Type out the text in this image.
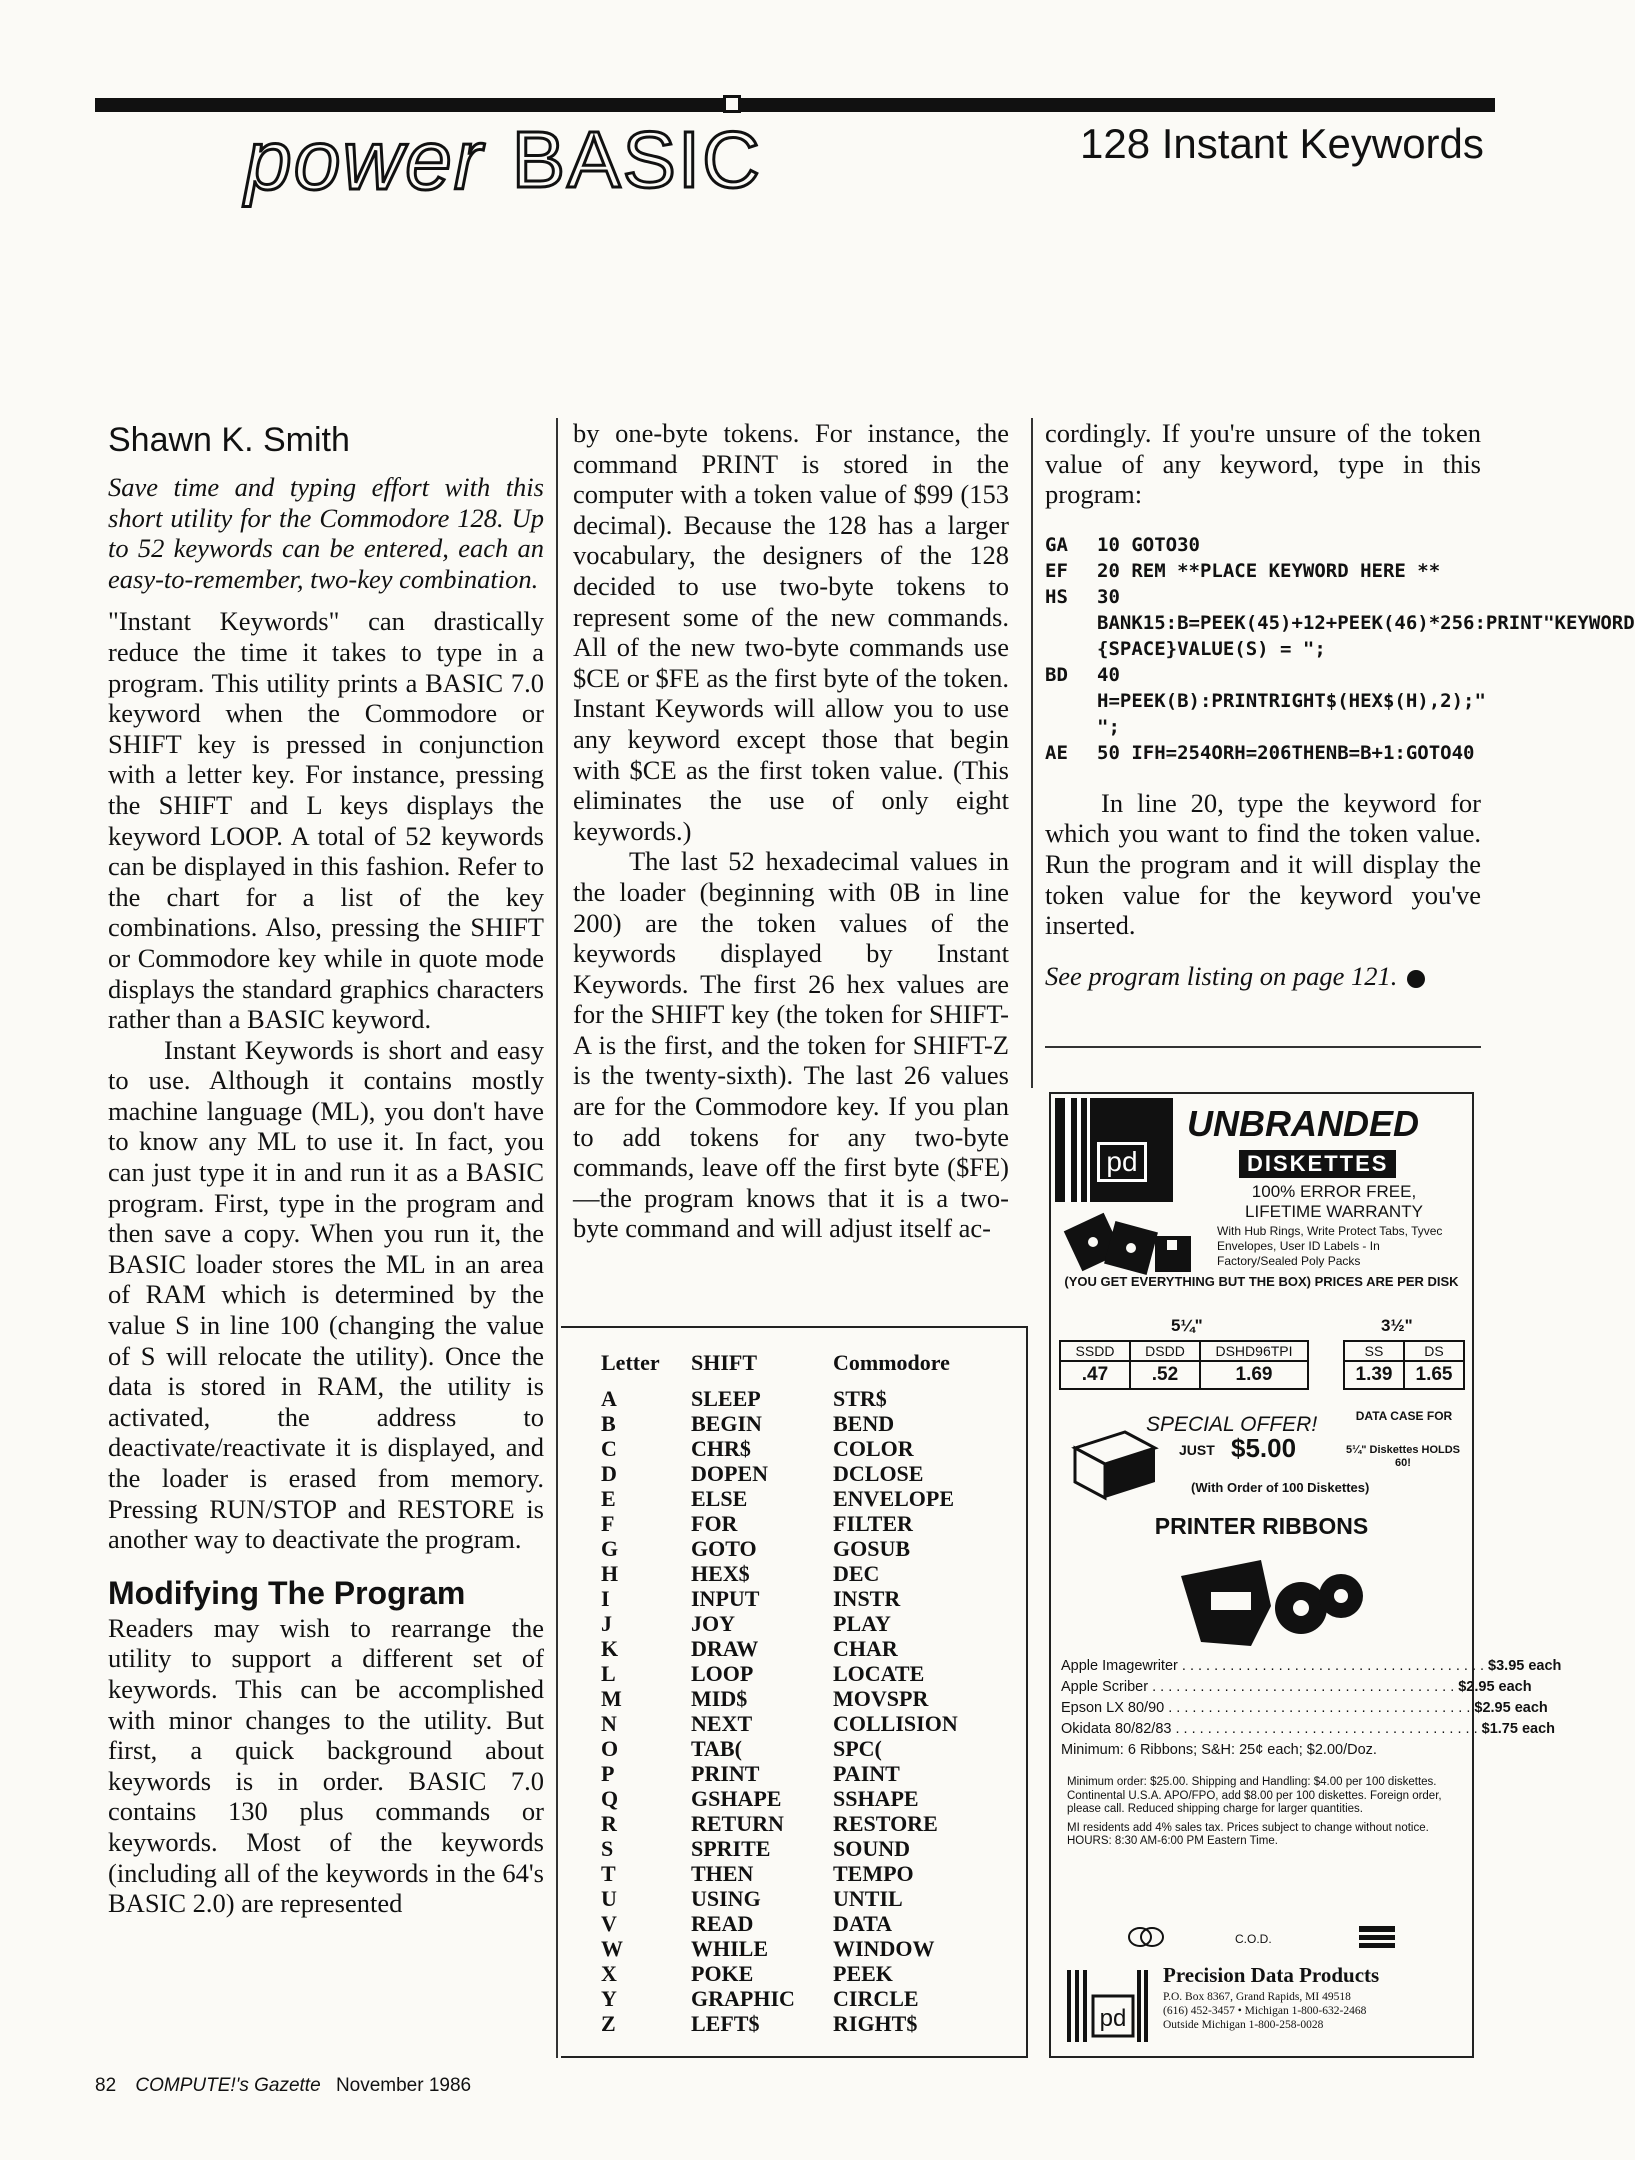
power BASIC	128 Instant Keywords
Shawn K. Smith

Save time and typing effort with this short utility for the Commodore 128. Up to 52 keywords can be entered, each an easy-to-remember, two-key combination.

"Instant Keywords" can drastically reduce the time it takes to type in a program. This utility prints a BASIC 7.0 keyword when the Commodore or SHIFT key is pressed in conjunction with a letter key. For instance, pressing the SHIFT and L keys displays the keyword LOOP. A total of 52 keywords can be displayed in this fashion. Refer to the chart for a list of the key combinations. Also, pressing the SHIFT or Commodore key while in quote mode displays the standard graphics characters rather than a BASIC keyword.

Instant Keywords is short and easy to use. Although it contains mostly machine language (ML), you don't have to know any ML to use it. In fact, you can just type it in and run it as a BASIC program. First, type in the program and then save a copy. When you run it, the BASIC loader stores the ML in an area of RAM which is determined by the value S in line 100 (changing the value of S will relocate the utility). Once the data is stored in RAM, the utility is activated, the address to deactivate/reactivate it is displayed, and the loader is erased from memory. Pressing RUN/STOP and RESTORE is another way to deactivate the program.

Modifying The Program

Readers may wish to rearrange the utility to support a different set of keywords. This can be accomplished with minor changes to the utility. But first, a quick background about keywords is in order. BASIC 7.0 contains 130 plus commands or keywords. Most of the keywords (including all of the keywords in the 64's BASIC 2.0) are represented

by one-byte tokens. For instance, the command PRINT is stored in the computer with a token value of $99 (153 decimal). Because the 128 has a larger vocabulary, the designers of the 128 decided to use two-byte tokens to represent some of the new commands. All of the new two-byte commands use $CE or $FE as the first byte of the token. Instant Keywords will allow you to use any keyword except those that begin with $CE as the first token value. (This eliminates the use of only eight keywords.)

The last 52 hexadecimal values in the loader (beginning with 0B in line 200) are the token values of the keywords displayed by Instant Keywords. The first 26 hex values are for the SHIFT key (the token for SHIFT-A is the first, and the token for SHIFT-Z is the twenty-sixth). The last 26 values are for the Commodore key. If you plan to add tokens for any two-byte commands, leave off the first byte ($FE)—the program knows that it is a two-byte command and will adjust itself ac-

cordingly. If you're unsure of the token value of any keyword, type in this program:

GA	10 GOTO30
EF	20 REM **PLACE KEYWORD HERE **
HS	30 BANK15:B=PEEK(45)+12+PEEK(46)*256:PRINT"KEYWORD {SPACE}VALUE(S) = ";
BD	40 H=PEEK(B):PRINTRIGHT$(HEX$(H),2);" ";
AE	50 IFH=254ORH=206THENB=B+1:GOTO40

In line 20, type the keyword for which you want to find the token value. Run the program and it will display the token value for the keyword you've inserted.

See program listing on page 121.
Letter	SHIFT	Commodore
A	SLEEP	STR$
B	BEGIN	BEND
C	CHR$	COLOR
D	DOPEN	DCLOSE
E	ELSE	ENVELOPE
F	FOR	FILTER
G	GOTO	GOSUB
H	HEX$	DEC
I	INPUT	INSTR
J	JOY	PLAY
K	DRAW	CHAR
L	LOOP	LOCATE
M	MID$	MOVSPR
N	NEXT	COLLISION
O	TAB(	SPC(
P	PRINT	PAINT
Q	GSHAPE	SSHAPE
R	RETURN	RESTORE
S	SPRITE	SOUND
T	THEN	TEMPO
U	USING	UNTIL
V	READ	DATA
W	WHILE	WINDOW
X	POKE	PEEK
Y	GRAPHIC	CIRCLE
Z	LEFT$	RIGHT$
pd
UNBRANDED
DISKETTES
100% ERROR FREE, LIFETIME WARRANTY
With Hub Rings, Write Protect Tabs, Tyvec Envelopes, User ID Labels - In Factory/Sealed Poly Packs
(YOU GET EVERYTHING BUT THE BOX) PRICES ARE PER DISK
5¼"	3½"
SSDD	DSDD	DSHD96TPI
.47	.52	1.69
SS	DS
1.39	1.65
SPECIAL OFFER!	DATA CASE FOR
JUST $5.00	5¼" Diskettes HOLDS 60!
(With Order of 100 Diskettes)
PRINTER RIBBONS
Apple Imagewriter . . .	$3.95 each
Apple Scriber . . .	$2.95 each
Epson LX 80/90 . . .	$2.95 each
Okidata 80/82/83 . . .	$1.75 each
Minimum: 6 Ribbons; S&H: 25¢ each; $2.00/Doz.

Minimum order: $25.00. Shipping and Handling: $4.00 per 100 diskettes. Continental U.S.A. APO/FPO, add $8.00 per 100 diskettes. Foreign order, please call. Reduced shipping charge for larger quantities.

MI residents add 4% sales tax. Prices subject to change without notice. HOURS: 8:30 AM-6:00 PM Eastern Time.

C.O.D.
pd
Precision Data Products
P.O. Box 8367, Grand Rapids, MI 49518
(616) 452-3457 • Michigan 1-800-632-2468
Outside Michigan 1-800-258-0028
82 COMPUTE!'s Gazette November 1986
